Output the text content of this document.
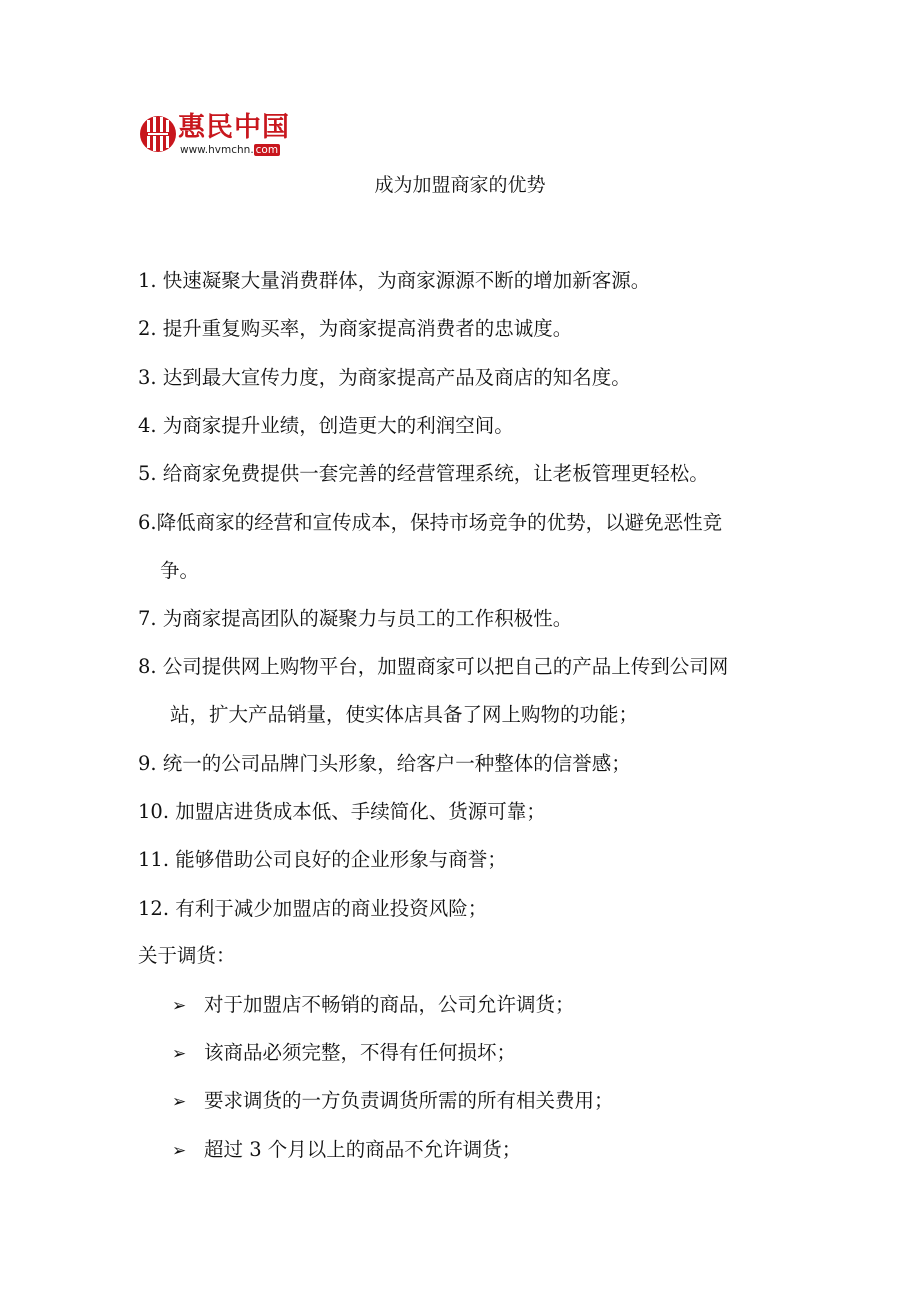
惠民中国
www.hvmchn. com
成为加盟商家的优势
1. 快速凝聚大量消费群体，为商家源源不断的增加新客源。
2. 提升重复购买率，为商家提高消费者的忠诚度。
3. 达到最大宣传力度，为商家提高产品及商店的知名度。
4. 为商家提升业绩，创造更大的利润空间。
5. 给商家免费提供一套完善的经营管理系统，让老板管理更轻松。
6.降低商家的经营和宣传成本，保持市场竞争的优势，以避免恶性竞
争。
7. 为商家提高团队的凝聚力与员工的工作积极性。
8. 公司提供网上购物平台，加盟商家可以把自己的产品上传到公司网
站，扩大产品销量，使实体店具备了网上购物的功能；
9. 统一的公司品牌门头形象，给客户一种整体的信誉感；
10. 加盟店进货成本低、手续简化、货源可靠；
11. 能够借助公司良好的企业形象与商誉；
12. 有利于减少加盟店的商业投资风险；
关于调货：
➢ 对于加盟店不畅销的商品，公司允许调货；
➢ 该商品必须完整，不得有任何损坏；
➢ 要求调货的一方负责调货所需的所有相关费用；
➢ 超过 3 个月以上的商品不允许调货；
